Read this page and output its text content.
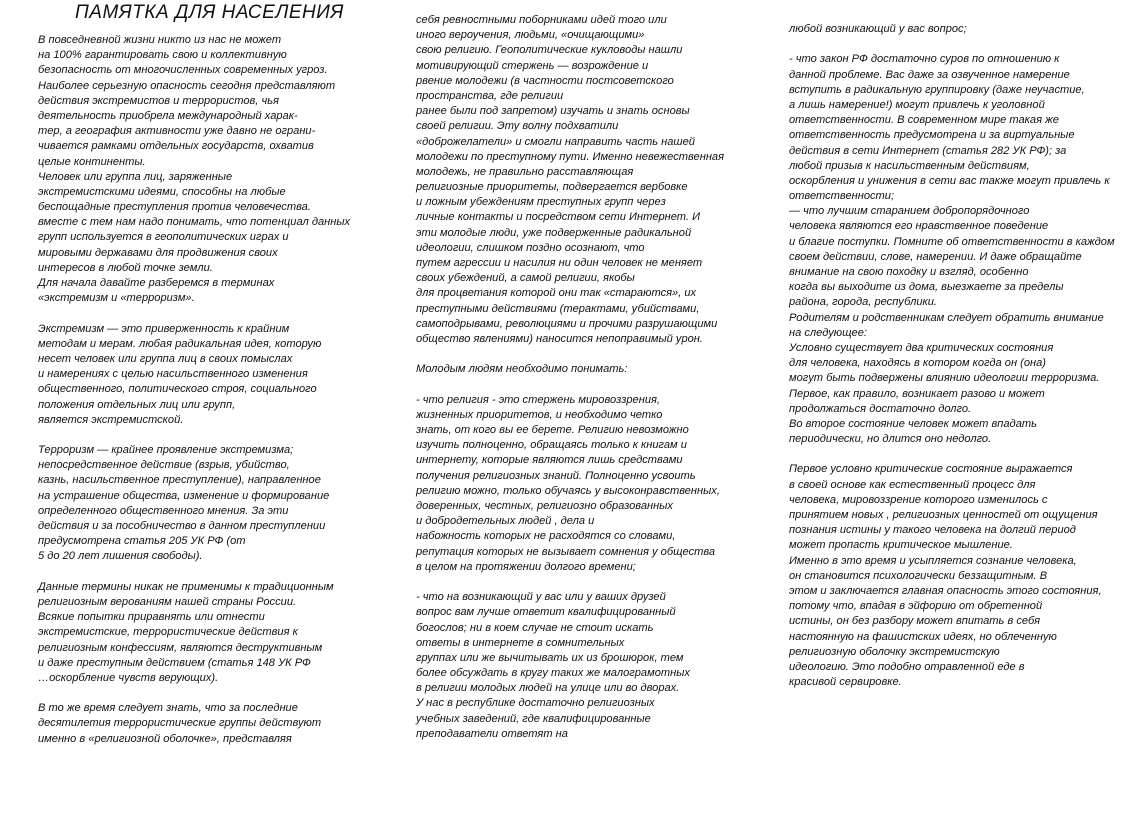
ПАМЯТКА ДЛЯ НАСЕЛЕНИЯ
В повседневной жизни никто из нас не может
на 100% гарантировать свою и коллективную
безопасность от многочисленных современных угроз.
Наиболее серьезную опасность сегодня представляют
действия экстремистов и террористов, чья
деятельность приобрела международный харак-
тер, а география активности уже давно не ограни-
чивается рамками отдельных государств, охватив
целые континенты.
Человек или группа лиц, заряженные
экстремистскими идеями, способны на любые
беспощадные преступления против человечества.
вместе с тем нам надо понимать, что потенциал данных
групп используется в геополитических играх и
мировыми державами для продвижения своих
интересов в любой точке земли.
Для начала давайте разберемся в терминах
«экстремизм и «терроризм».
Экстремизм — это приверженность к крайним
методам и мерам. любая радикальная идея, которую
несет человек или группа лиц в своих помыслах
и намерениях с целью насильственного изменения
общественного, политического строя, социального
положения отдельных лиц или групп,
является экстремистской.
Терроризм — крайнее проявление экстремизма;
непосредственное действие (взрыв, убийство,
казнь, насильственное преступление), направленное
на устрашение общества, изменение и формирование
определенного общественного мнения. За эти
действия и за пособничество в данном преступлении
предусмотрена статья 205 УК РФ (от
5 до 20 лет лишения свободы).
Данные термины никак не применимы к традиционным
религиозным верованиям нашей страны России.
Всякие попытки приравнять или отнести
экстремистские, террористические действия к
религиозным конфессиям, являются деструктивным
и даже преступным действием (статья 148 УК РФ
…оскорбление чувств верующих).
В то же время следует знать, что за последние
десятилетия террористические группы действуют
именно в «религиозной оболочке», представляя
себя ревностными поборниками идей того или
иного вероучения, людьми, «очищающими»
свою религию. Геополитические кукловоды нашли
мотивирующий стержень — возрождение и
рвение молодежи (в частности постсоветского
пространства, где религии
ранее были под запретом) изучать и знать основы
своей религии. Эту волну подхватили
«доброжелатели» и смогли направить часть нашей
молодежи по преступному пути. Именно невежественная
молодежь, не правильно расставляющая
религиозные приоритеты, подвергается вербовке
и ложным убеждениям преступных групп через
личные контакты и посредством сети Интернет. И
эти молодые люди, уже подверженные радикальной
идеологии, слишком поздно осознают, что
путем агрессии и насилия ни один человек не меняет
своих убеждений, а самой религии, якобы
для процветания которой они так «стараются», их
преступными действиями (терактами, убийствами,
самоподрывами, революциями и прочими разрушающими
общество явлениями) наносится непоправимый урон.
Молодым людям необходимо понимать:
- что религия - это стержень мировоззрения,
жизненных приоритетов, и необходимо четко
знать, от кого вы ее берете. Религию невозможно
изучить полноценно, обращаясь только к книгам и
интернету, которые являются лишь средствами
получения религиозных знаний. Полноценно усвоить
религию можно, только обучаясь у высоконравственных,
доверенных, честных, религиозно образованных
и добродетельных людей , дела и
набожность которых не расходятся со словами,
репутация которых не вызывает сомнения у общества
в целом на протяжении долгого времени;
- что на возникающий у вас или у ваших друзей
вопрос вам лучше ответит квалифицированный
богослов; ни в коем случае не стоит искать
ответы в интернете в сомнительных
группах или же вычитывать их из брошюрок, тем
более обсуждать в кругу таких же малограмотных
в религии молодых людей на улице или во дворах.
У нас в республике достаточно религиозных
учебных заведений, где квалифицированные
преподаватели ответят на
любой возникающий у вас вопрос;
- что закон РФ достаточно суров по отношению к
данной проблеме. Вас даже за озвученное намерение
вступить в радикальную группировку (даже неучастие,
а лишь намерение!) могут привлечь к уголовной
ответственности. В современном мире такая же
ответственность предусмотрена и за виртуальные
действия в сети Интернет (статья 282 УК РФ); за
любой призыв к насильственным действиям,
оскорбления и унижения в сети вас также могут привлечь к
ответственности;
— что лучшим старанием добропорядочного
человека являются его нравственное поведение
и благие поступки. Помните об ответственности в каждом
своем действии, слове, намерении. И даже обращайте
внимание на свою походку и взгляд, особенно
когда вы выходите из дома, выезжаете за пределы
района, города, республики.
Родителям и родственникам следует обратить внимание
на следующее:
Условно существует два критических состояния
для человека, находясь в котором когда он (она)
могут быть подвержены влиянию идеологии терроризма.
Первое, как правило, возникает разово и может
продолжаться достаточно долго.
Во второе состояние человек может впадать
периодически, но длится оно недолго.
Первое условно критические состояние выражается
в своей основе как естественный процесс для
человека, мировоззрение которого изменилось с
принятием новых , религиозных ценностей от ощущения
познания истины у такого человека на долгий период
может пропасть критическое мышление.
Именно в это время и усыпляется сознание человека,
он становится психологически беззащитным. В
этом и заключается главная опасность этого состояния,
потому что, впадая в эйфорию от обретенной
истины, он без разбору может впитать в себя
настоянную на фашистских идеях, но облеченную
религиозную оболочку экстремистскую
идеологию. Это подобно отравленной еде в
красивой сервировке.
